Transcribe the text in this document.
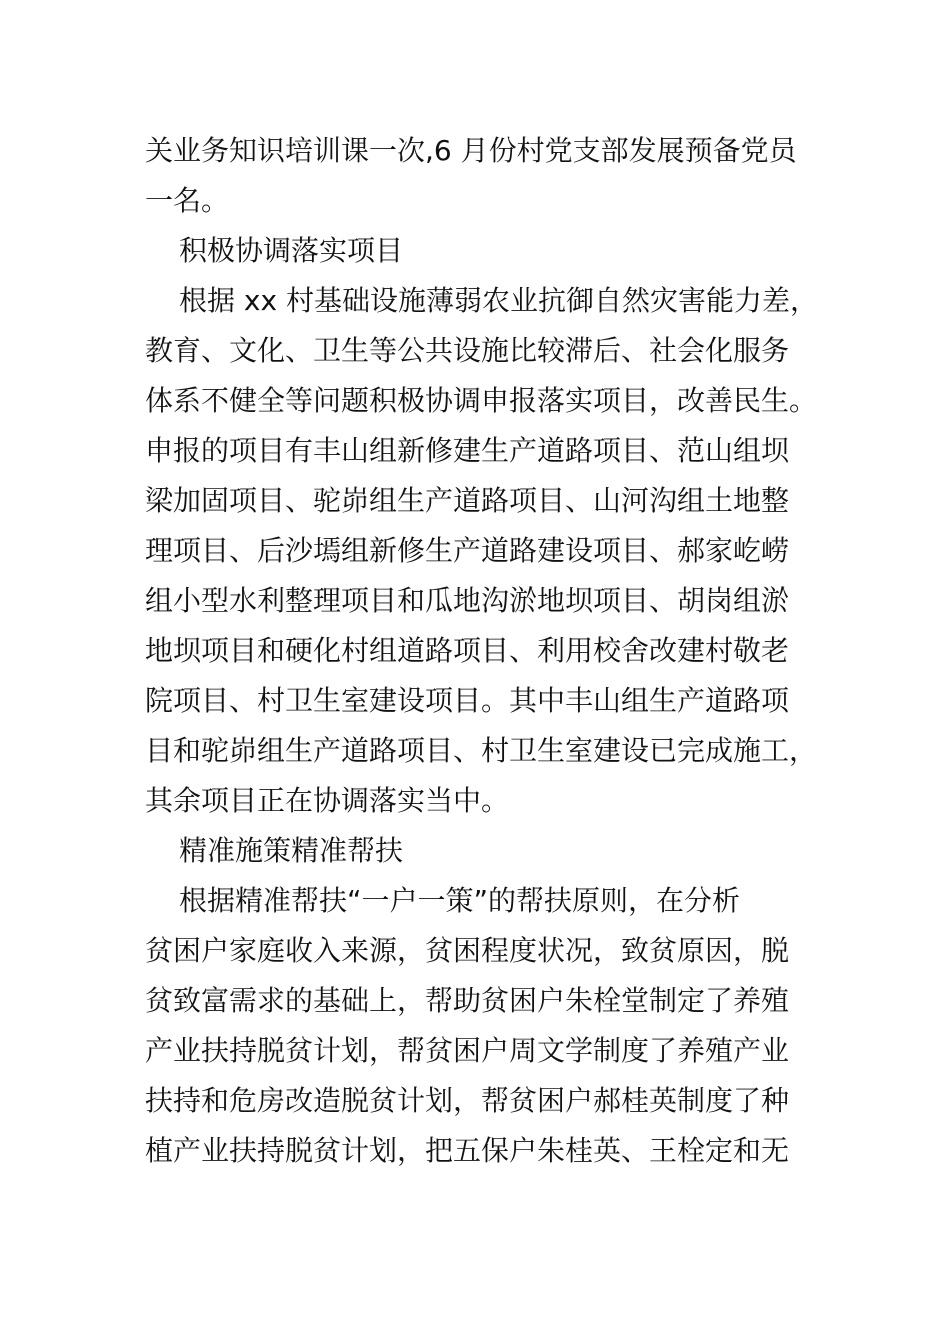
关业务知识培训课一次,6 月份村党支部发展预备党员
一名。
积极协调落实项目
根据 xx 村基础设施薄弱农业抗御自然灾害能力差，
教育、文化、卫生等公共设施比较滞后、社会化服务
体系不健全等问题积极协调申报落实项目，改善民生。
申报的项目有丰山组新修建生产道路项目、范山组坝
梁加固项目、驼峁组生产道路项目、山河沟组土地整
理项目、后沙墕组新修生产道路建设项目、郝家屹崂
组小型水利整理项目和瓜地沟淤地坝项目、胡岗组淤
地坝项目和硬化村组道路项目、利用校舍改建村敬老
院项目、村卫生室建设项目。其中丰山组生产道路项
目和驼峁组生产道路项目、村卫生室建设已完成施工，
其余项目正在协调落实当中。
精准施策精准帮扶
根据精准帮扶“一户一策”的帮扶原则，在分析
贫困户家庭收入来源，贫困程度状况，致贫原因，脱
贫致富需求的基础上，帮助贫困户朱栓堂制定了养殖
产业扶持脱贫计划，帮贫困户周文学制度了养殖产业
扶持和危房改造脱贫计划，帮贫困户郝桂英制度了种
植产业扶持脱贫计划，把五保户朱桂英、王栓定和无
